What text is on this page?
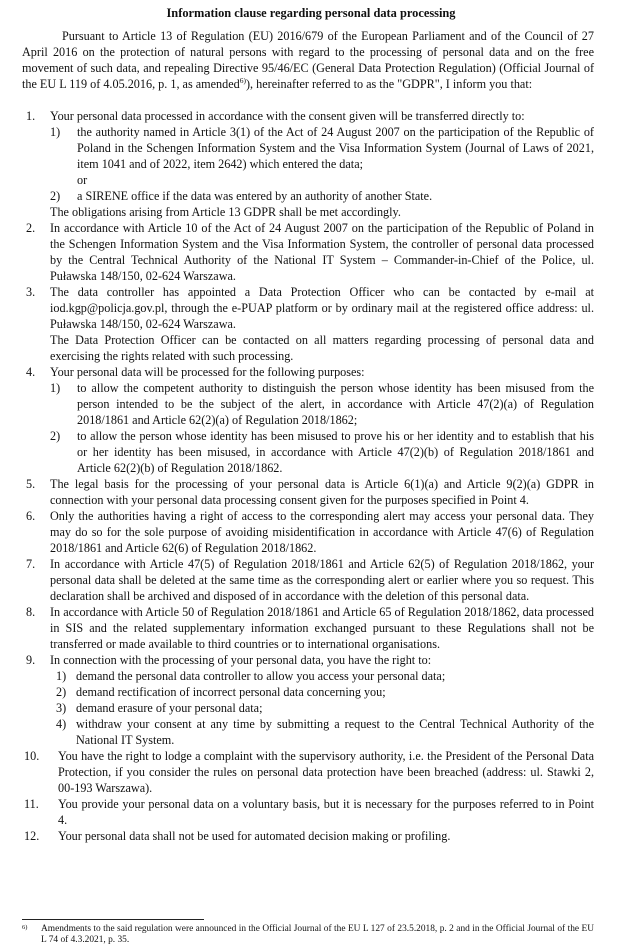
Information clause regarding personal data processing
Pursuant to Article 13 of Regulation (EU) 2016/679 of the European Parliament and of the Council of 27 April 2016 on the protection of natural persons with regard to the processing of personal data and on the free movement of such data, and repealing Directive 95/46/EC (General Data Protection Regulation) (Official Journal of the EU L 119 of 4.05.2016, p. 1, as amended$^{6)}$), hereinafter referred to as the "GDPR", I inform you that:
1. Your personal data processed in accordance with the consent given will be transferred directly to:
1) the authority named in Article 3(1) of the Act of 24 August 2007 on the participation of the Republic of Poland in the Schengen Information System and the Visa Information System (Journal of Laws of 2021, item 1041 and of 2022, item 2642) which entered the data;
or
2) a SIRENE office if the data was entered by an authority of another State.
The obligations arising from Article 13 GDPR shall be met accordingly.
2. In accordance with Article 10 of the Act of 24 August 2007 on the participation of the Republic of Poland in the Schengen Information System and the Visa Information System, the controller of personal data processed by the Central Technical Authority of the National IT System – Commander-in-Chief of the Police, ul. Puławska 148/150, 02-624 Warszawa.
3. The data controller has appointed a Data Protection Officer who can be contacted by e-mail at iod.kgp@policja.gov.pl, through the e-PUAP platform or by ordinary mail at the registered office address: ul. Puławska 148/150, 02-624 Warszawa.
The Data Protection Officer can be contacted on all matters regarding processing of personal data and exercising the rights related with such processing.
4. Your personal data will be processed for the following purposes:
1) to allow the competent authority to distinguish the person whose identity has been misused from the person intended to be the subject of the alert, in accordance with Article 47(2)(a) of Regulation 2018/1861 and Article 62(2)(a) of Regulation 2018/1862;
2) to allow the person whose identity has been misused to prove his or her identity and to establish that his or her identity has been misused, in accordance with Article 47(2)(b) of Regulation 2018/1861 and Article 62(2)(b) of Regulation 2018/1862.
5. The legal basis for the processing of your personal data is Article 6(1)(a) and Article 9(2)(a) GDPR in connection with your personal data processing consent given for the purposes specified in Point 4.
6. Only the authorities having a right of access to the corresponding alert may access your personal data. They may do so for the sole purpose of avoiding misidentification in accordance with Article 47(6) of Regulation 2018/1861 and Article 62(6) of Regulation 2018/1862.
7. In accordance with Article 47(5) of Regulation 2018/1861 and Article 62(5) of Regulation 2018/1862, your personal data shall be deleted at the same time as the corresponding alert or earlier where you so request. This declaration shall be archived and disposed of in accordance with the deletion of this personal data.
8. In accordance with Article 50 of Regulation 2018/1861 and Article 65 of Regulation 2018/1862, data processed in SIS and the related supplementary information exchanged pursuant to these Regulations shall not be transferred or made available to third countries or to international organisations.
9. In connection with the processing of your personal data, you have the right to:
1) demand the personal data controller to allow you access your personal data;
2) demand rectification of incorrect personal data concerning you;
3) demand erasure of your personal data;
4) withdraw your consent at any time by submitting a request to the Central Technical Authority of the National IT System.
10. You have the right to lodge a complaint with the supervisory authority, i.e. the President of the Personal Data Protection, if you consider the rules on personal data protection have been breached (address: ul. Stawki 2, 00-193 Warszawa).
11. You provide your personal data on a voluntary basis, but it is necessary for the purposes referred to in Point 4.
12. Your personal data shall not be used for automated decision making or profiling.
6)	Amendments to the said regulation were announced in the Official Journal of the EU L 127 of 23.5.2018, p. 2 and in the Official Journal of the EU L 74 of 4.3.2021, p. 35.
